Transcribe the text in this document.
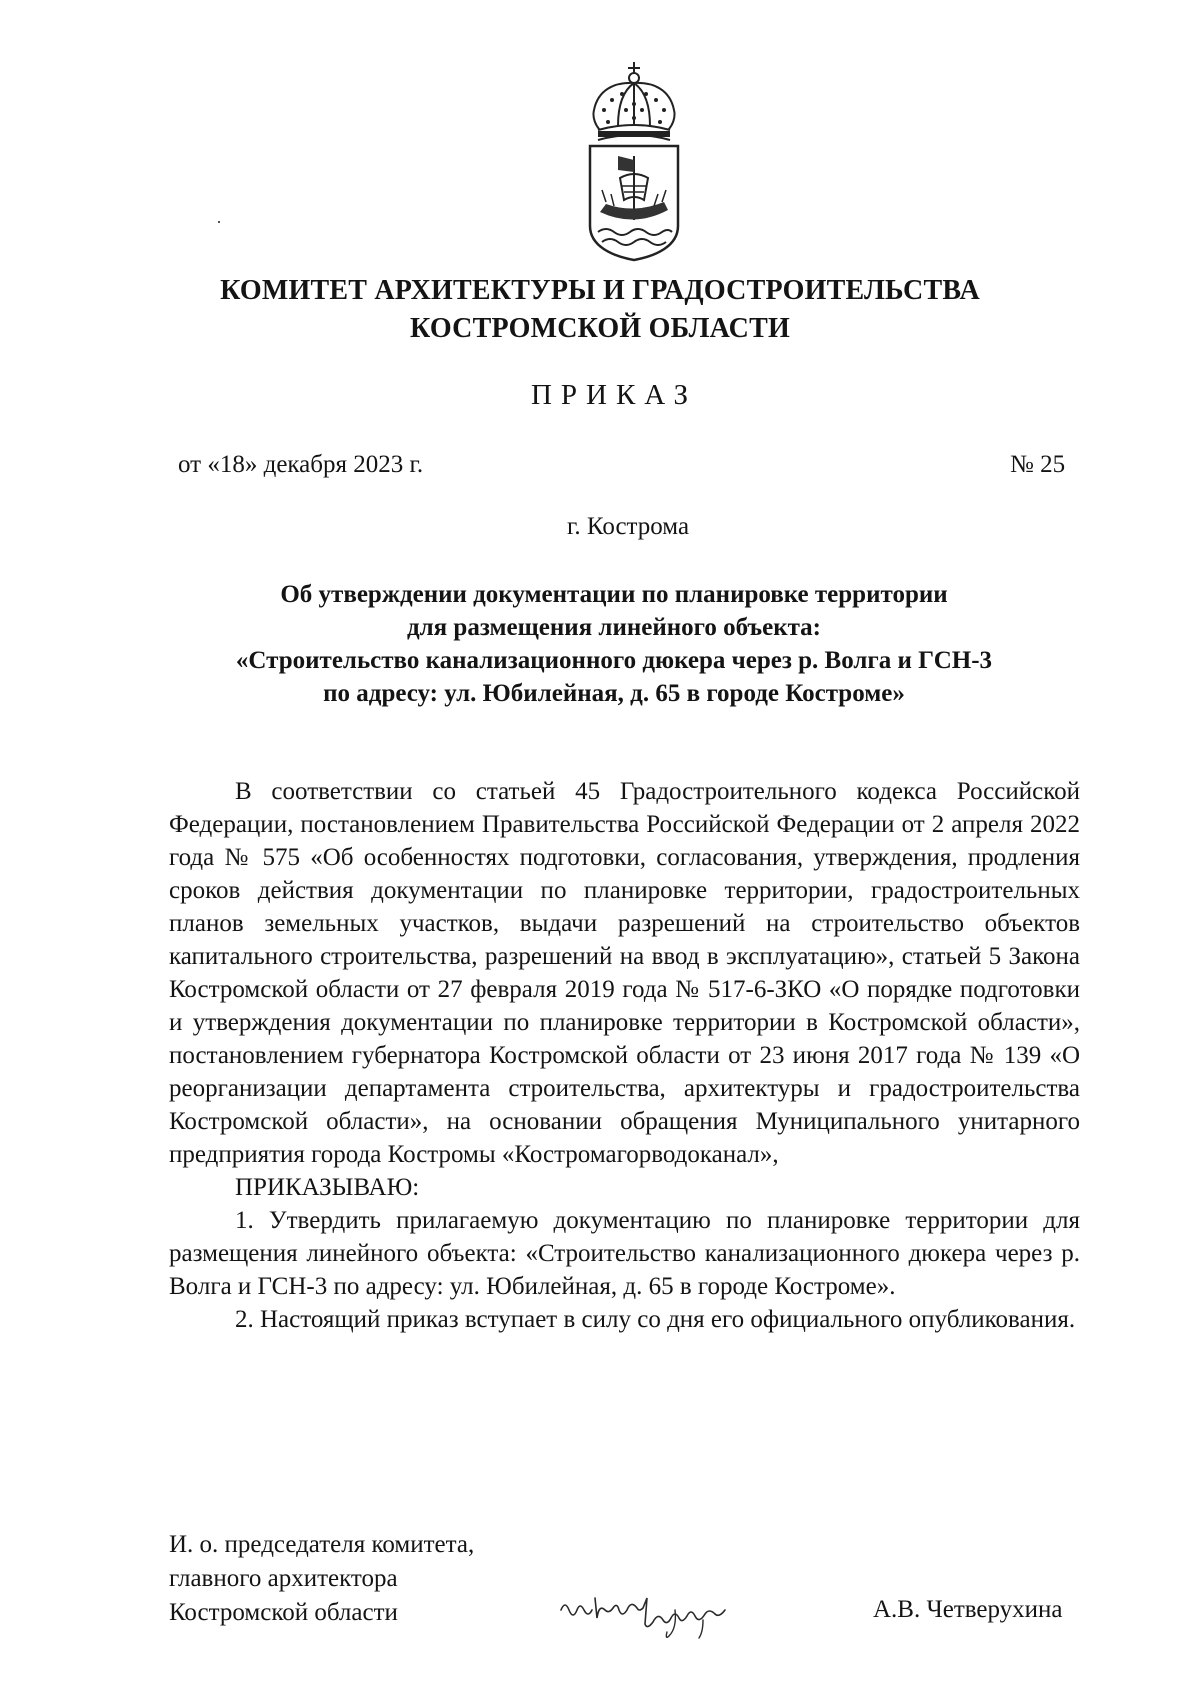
КОМИТЕТ АРХИТЕКТУРЫ И ГРАДОСТРОИТЕЛЬСТВА
КОСТРОМСКОЙ ОБЛАСТИ
ПРИКАЗ
от «18» декабря 2023 г.	№ 25
г. Кострома
Об утверждении документации по планировке территории
для размещения линейного объекта:
«Строительство канализационного дюкера через р. Волга и ГСН-3
по адресу: ул. Юбилейная, д. 65 в городе Костроме»

В соответствии со статьей 45 Градостроительного кодекса Российской Федерации, постановлением Правительства Российской Федерации от 2 апреля 2022 года № 575 «Об особенностях подготовки, согласования, утверждения, продления сроков действия документации по планировке территории, градостроительных планов земельных участков, выдачи разрешений на строительство объектов капитального строительства, разрешений на ввод в эксплуатацию», статьей 5 Закона Костромской области от 27 февраля 2019 года № 517-6-ЗКО «О порядке подготовки и утверждения документации по планировке территории в Костромской области», постановлением губернатора Костромской области от 23 июня 2017 года № 139 «О реорганизации департамента строительства, архитектуры и градостроительства Костромской области», на основании обращения Муниципального унитарного предприятия города Костромы «Костромагорводоканал»,

ПРИКАЗЫВАЮ:

1. Утвердить прилагаемую документацию по планировке территории для размещения линейного объекта: «Строительство канализационного дюкера через р. Волга и ГСН-3 по адресу: ул. Юбилейная, д. 65 в городе Костроме».

2. Настоящий приказ вступает в силу со дня его официального опубликования.

И. о. председателя комитета,
главного архитектора
Костромской области	А.В. Четверухина
